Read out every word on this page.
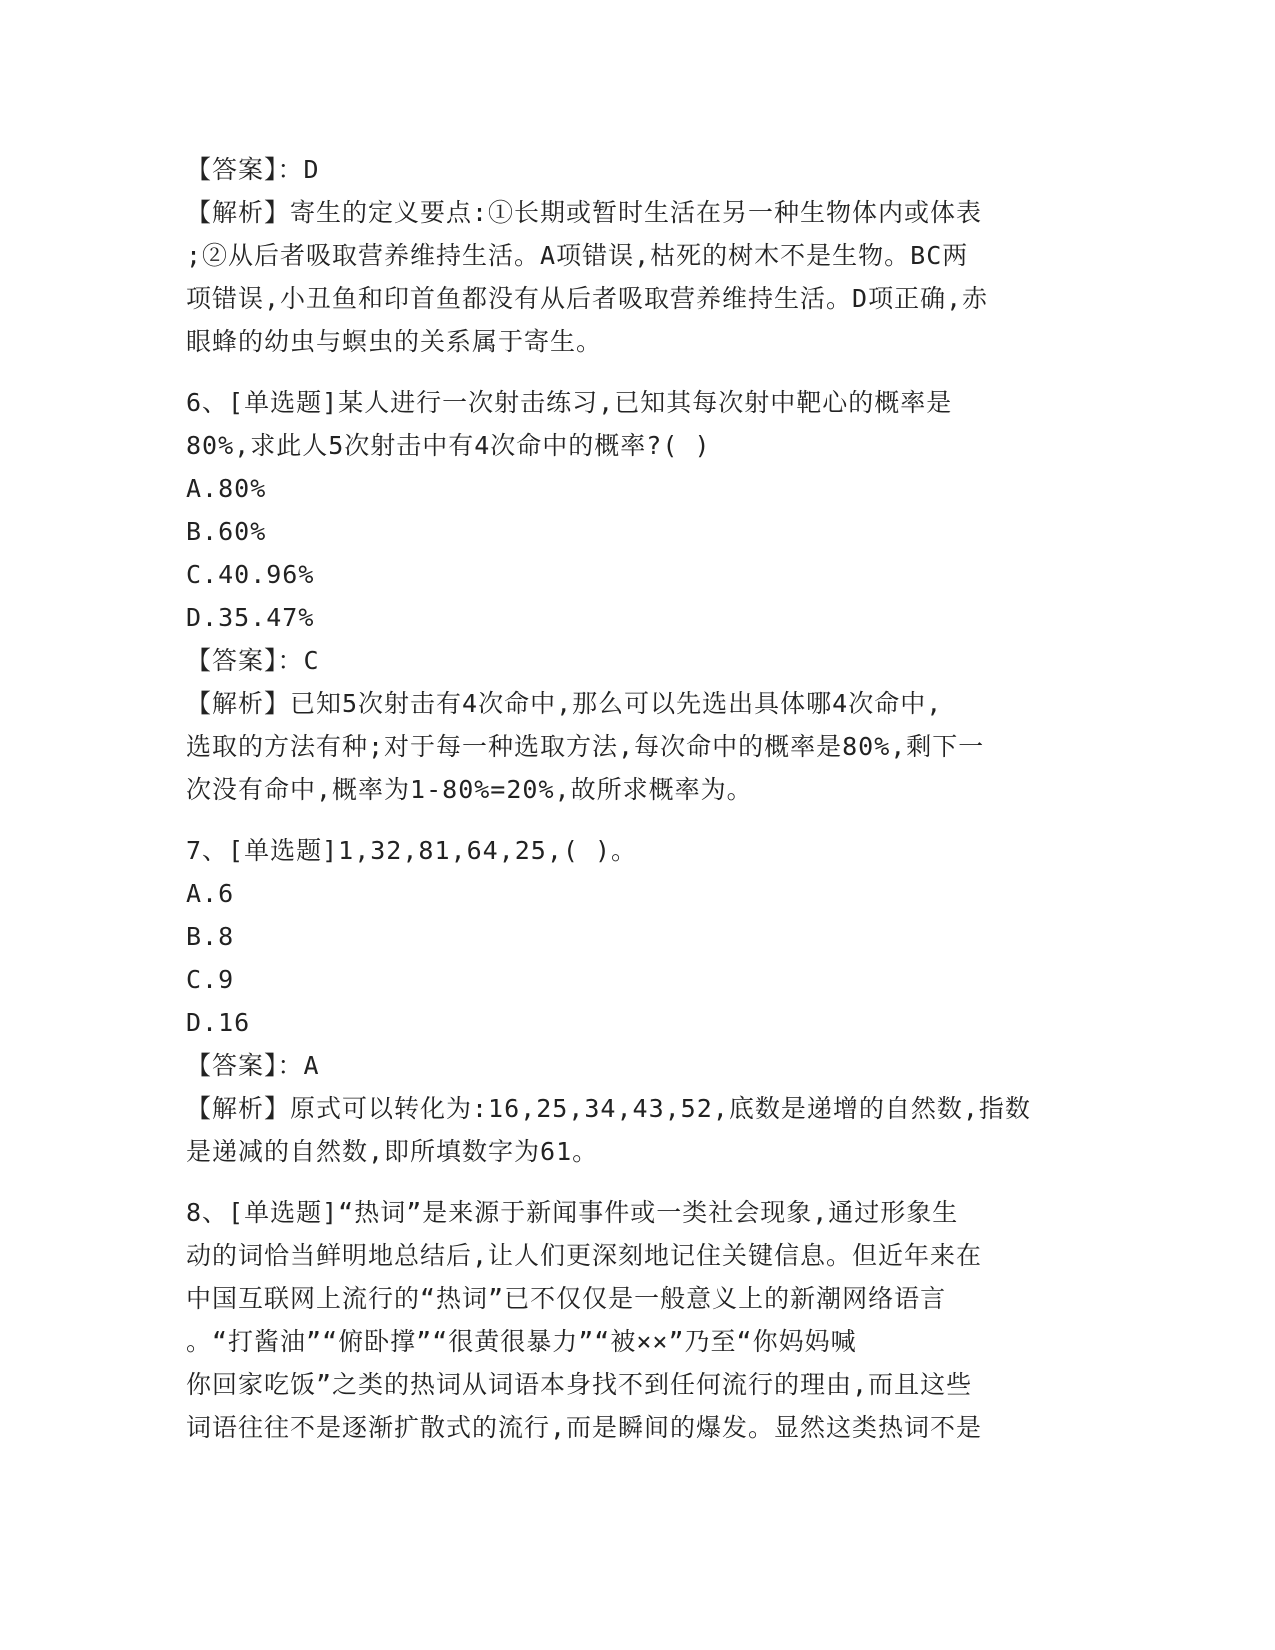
【答案】：D
【解析】寄生的定义要点:①长期或暂时生活在另一种生物体内或体表
;②从后者吸取营养维持生活。A项错误,枯死的树木不是生物。BC两
项错误,小丑鱼和印首鱼都没有从后者吸取营养维持生活。D项正确,赤
眼蜂的幼虫与螟虫的关系属于寄生。
6、[单选题]某人进行一次射击练习,已知其每次射中靶心的概率是
80%,求此人5次射击中有4次命中的概率?( )
A.80%
B.60%
C.40.96%
D.35.47%
【答案】：C
【解析】已知5次射击有4次命中,那么可以先选出具体哪4次命中,
选取的方法有种;对于每一种选取方法,每次命中的概率是80%,剩下一
次没有命中,概率为1-80%=20%,故所求概率为。
7、[单选题]1,32,81,64,25,( )。
A.6
B.8
C.9
D.16
【答案】：A
【解析】原式可以转化为:16,25,34,43,52,底数是递增的自然数,指数
是递减的自然数,即所填数字为61。
8、[单选题]“热词”是来源于新闻事件或一类社会现象,通过形象生
动的词恰当鲜明地总结后,让人们更深刻地记住关键信息。但近年来在
中国互联网上流行的“热词”已不仅仅是一般意义上的新潮网络语言
。“打酱油”“俯卧撑”“很黄很暴力”“被××”乃至“你妈妈喊
你回家吃饭”之类的热词从词语本身找不到任何流行的理由,而且这些
词语往往不是逐渐扩散式的流行,而是瞬间的爆发。显然这类热词不是
